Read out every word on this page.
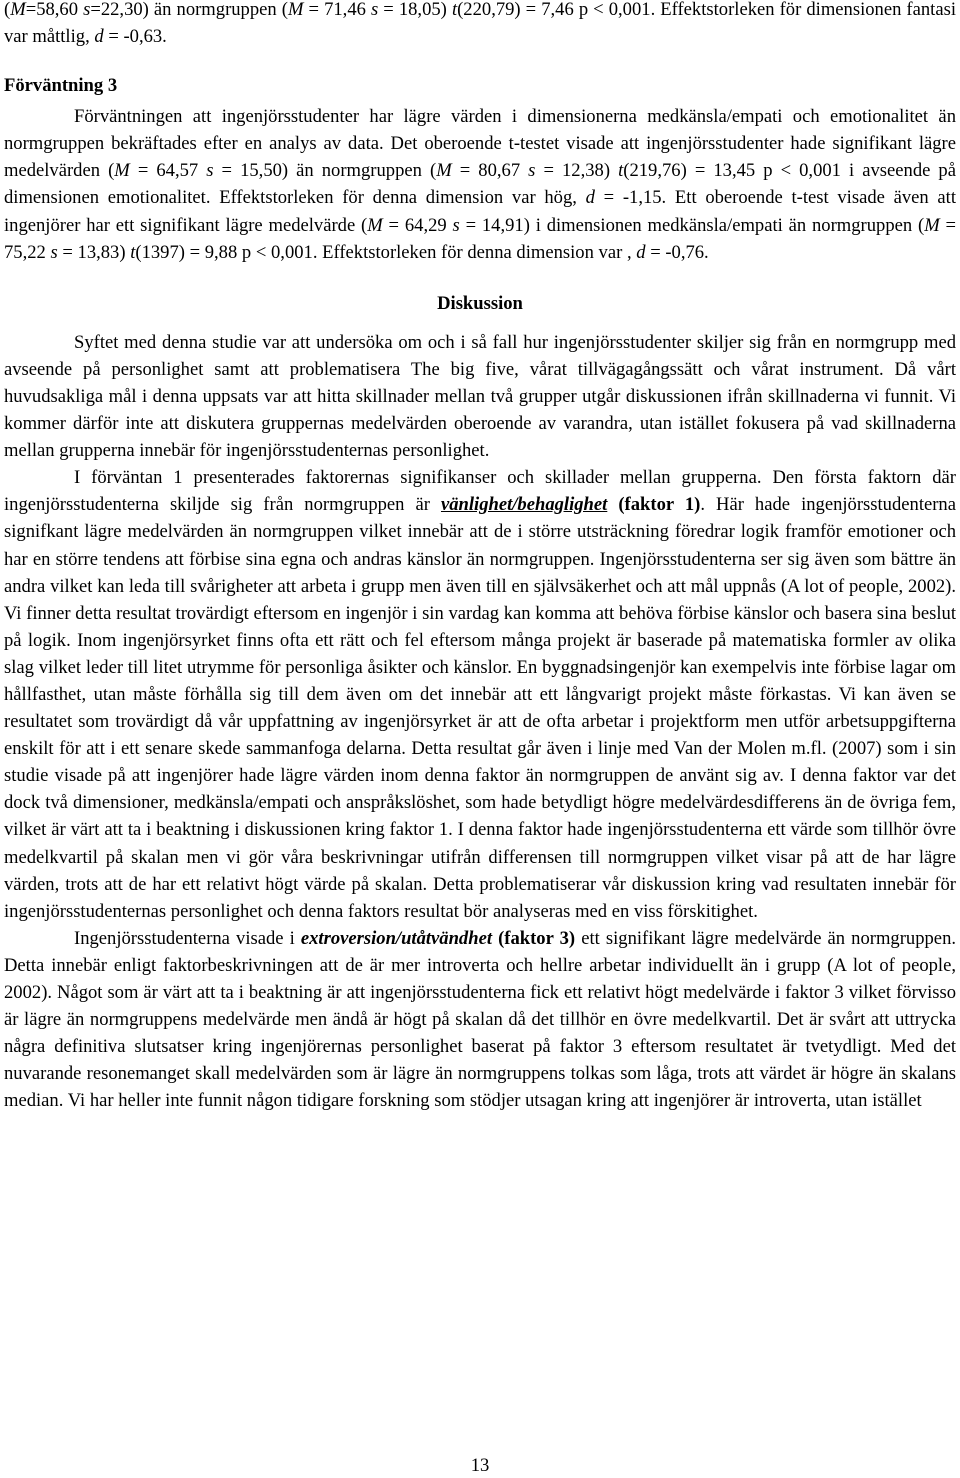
(M=58,60 s=22,30) än normgruppen (M = 71,46 s = 18,05) t(220,79) = 7,46 p < 0,001. Effektstorleken för dimensionen fantasi var måttlig, d = -0,63.

Förväntning 3

Förväntningen att ingenjörsstudenter har lägre värden i dimensionerna medkänsla/empati och emotionalitet än normgruppen bekräftades efter en analys av data. Det oberoende t-testet visade att ingenjörsstudenter hade signifikant lägre medelvärden (M = 64,57 s = 15,50) än normgruppen (M = 80,67 s = 12,38) t(219,76) = 13,45 p < 0,001 i avseende på dimensionen emotionalitet. Effektstorleken för denna dimension var hög, d = -1,15. Ett oberoende t-test visade även att ingenjörer har ett signifikant lägre medelvärde (M = 64,29 s = 14,91) i dimensionen medkänsla/empati än normgruppen (M = 75,22 s = 13,83) t(1397) = 9,88 p < 0,001. Effektstorleken för denna dimension var , d = -0,76.

Diskussion

Syftet med denna studie var att undersöka om och i så fall hur ingenjörsstudenter skiljer sig från en normgrupp med avseende på personlighet samt att problematisera The big five, vårat tillvägagångssätt och vårat instrument. Då vårt huvudsakliga mål i denna uppsats var att hitta skillnader mellan två grupper utgår diskussionen ifrån skillnaderna vi funnit. Vi kommer därför inte att diskutera gruppernas medelvärden oberoende av varandra, utan istället fokusera på vad skillnaderna mellan grupperna innebär för ingenjörsstudenternas personlighet.

I förväntan 1 presenterades faktorernas signifikanser och skillader mellan grupperna. Den första faktorn där ingenjörsstudenterna skiljde sig från normgruppen är vänlighet/behaglighet (faktor 1). Här hade ingenjörsstudenterna signifkant lägre medelvärden än normgruppen vilket innebär att de i större utsträckning föredrar logik framför emotioner och har en större tendens att förbise sina egna och andras känslor än normgruppen. Ingenjörsstudenterna ser sig även som bättre än andra vilket kan leda till svårigheter att arbeta i grupp men även till en självsäkerhet och att mål uppnås (A lot of people, 2002). Vi finner detta resultat trovärdigt eftersom en ingenjör i sin vardag kan komma att behöva förbise känslor och basera sina beslut på logik. Inom ingenjörsyrket finns ofta ett rätt och fel eftersom många projekt är baserade på matematiska formler av olika slag vilket leder till litet utrymme för personliga åsikter och känslor. En byggnadsingenjör kan exempelvis inte förbise lagar om hållfasthet, utan måste förhålla sig till dem även om det innebär att ett långvarigt projekt måste förkastas. Vi kan även se resultatet som trovärdigt då vår uppfattning av ingenjörsyrket är att de ofta arbetar i projektform men utför arbetsuppgifterna enskilt för att i ett senare skede sammanfoga delarna. Detta resultat går även i linje med Van der Molen m.fl. (2007) som i sin studie visade på att ingenjörer hade lägre värden inom denna faktor än normgruppen de använt sig av. I denna faktor var det dock två dimensioner, medkänsla/empati och anspråkslöshet, som hade betydligt högre medelvärdesdifferens än de övriga fem, vilket är värt att ta i beaktning i diskussionen kring faktor 1. I denna faktor hade ingenjörsstudenterna ett värde som tillhör övre medelkvartil på skalan men vi gör våra beskrivningar utifrån differensen till normgruppen vilket visar på att de har lägre värden, trots att de har ett relativt högt värde på skalan. Detta problematiserar vår diskussion kring vad resultaten innebär för ingenjörsstudenternas personlighet och denna faktors resultat bör analyseras med en viss förskitighet.

Ingenjörsstudenterna visade i extroversion/utåtvändhet (faktor 3) ett signifikant lägre medelvärde än normgruppen. Detta innebär enligt faktorbeskrivningen att de är mer introverta och hellre arbetar individuellt än i grupp (A lot of people, 2002). Något som är värt att ta i beaktning är att ingenjörsstudenterna fick ett relativt högt medelvärde i faktor 3 vilket förvisso är lägre än normgruppens medelvärde men ändå är högt på skalan då det tillhör en övre medelkvartil. Det är svårt att uttrycka några definitiva slutsatser kring ingenjörernas personlighet baserat på faktor 3 eftersom resultatet är tvetydligt. Med det nuvarande resonemanget skall medelvärden som är lägre än normgruppens tolkas som låga, trots att värdet är högre än skalans median. Vi har heller inte funnit någon tidigare forskning som stödjer utsagan kring att ingenjörer är introverta, utan istället

13
